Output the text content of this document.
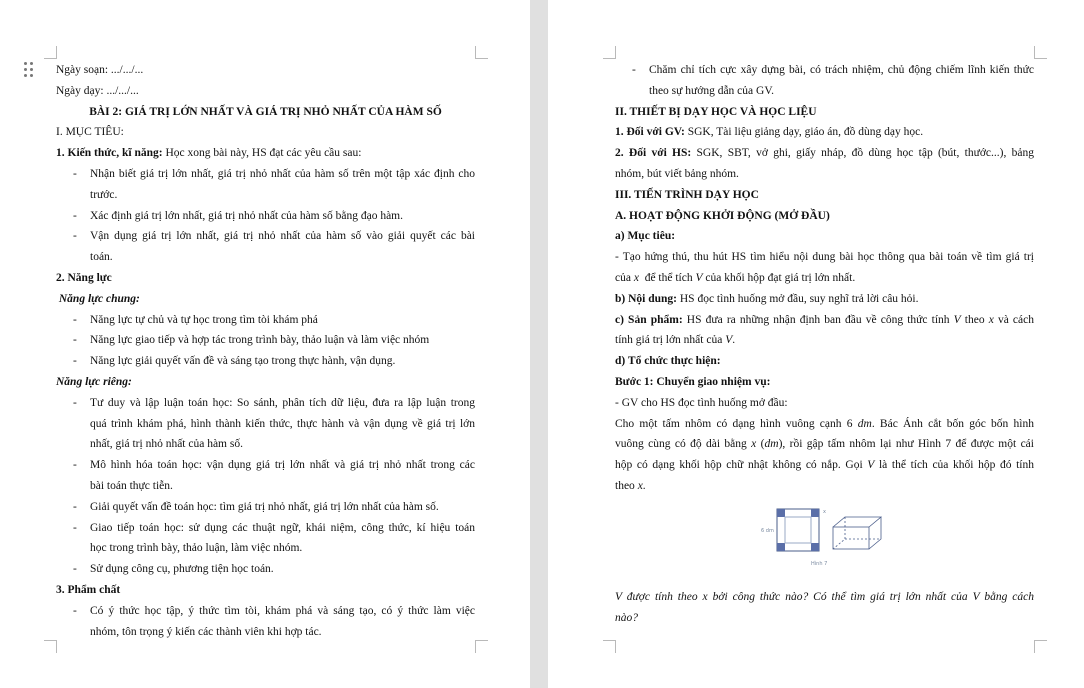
Ngày soạn: .../.../...

Ngày dạy: .../.../...

BÀI 2: GIÁ TRỊ LỚN NHẤT VÀ GIÁ TRỊ NHỎ NHẤT CỦA HÀM SỐ

I. MỤC TIÊU:

1. Kiến thức, kĩ năng: Học xong bài này, HS đạt các yêu cầu sau:

- Nhận biết giá trị lớn nhất, giá trị nhỏ nhất của hàm số trên một tập xác định cho

trước.

- Xác định giá trị lớn nhất, giá trị nhỏ nhất của hàm số bằng đạo hàm.

- Vận dụng giá trị lớn nhất, giá trị nhỏ nhất của hàm số vào giải quyết các bài

toán.

2. Năng lực

Năng lực chung:

- Năng lực tự chủ và tự học trong tìm tòi khám phá

- Năng lực giao tiếp và hợp tác trong trình bày, thảo luận và làm việc nhóm

- Năng lực giải quyết vấn đề và sáng tạo trong thực hành, vận dụng.

Năng lực riêng:

- Tư duy và lập luận toán học: So sánh, phân tích dữ liệu, đưa ra lập luận trong

quá trình khám phá, hình thành kiến thức, thực hành và vận dụng về giá trị lớn

nhất, giá trị nhỏ nhất của hàm số.

- Mô hình hóa toán học: vận dụng giá trị lớn nhất và giá trị nhỏ nhất trong các

bài toán thực tiễn.

- Giải quyết vấn đề toán học: tìm giá trị nhỏ nhất, giá trị lớn nhất của hàm số.

- Giao tiếp toán học: sử dụng các thuật ngữ, khái niệm, công thức, kí hiệu toán

học trong trình bày, thảo luận, làm việc nhóm.

- Sử dụng công cụ, phương tiện học toán.

3. Phẩm chất

- Có ý thức học tập, ý thức tìm tòi, khám phá và sáng tạo, có ý thức làm việc

nhóm, tôn trọng ý kiến các thành viên khi hợp tác.

- Chăm chỉ tích cực xây dựng bài, có trách nhiệm, chủ động chiếm lĩnh kiến thức

theo sự hướng dẫn của GV.

II. THIẾT BỊ DẠY HỌC VÀ HỌC LIỆU

1. Đối với GV: SGK, Tài liệu giảng dạy, giáo án, đồ dùng dạy học.

2. Đối với HS: SGK, SBT, vở ghi, giấy nháp, đồ dùng học tập (bút, thước...), bảng

nhóm, bút viết bảng nhóm.

III. TIẾN TRÌNH DẠY HỌC

A. HOẠT ĐỘNG KHỞI ĐỘNG (MỞ ĐẦU)

a) Mục tiêu:

- Tạo hứng thú, thu hút HS tìm hiểu nội dung bài học thông qua bài toán về tìm giá trị

của x  để thể tích V của khối hộp đạt giá trị lớn nhất.

b) Nội dung: HS đọc tình huống mở đầu, suy nghĩ trả lời câu hỏi.

c) Sản phẩm: HS đưa ra những nhận định ban đầu về công thức tính V theo x và cách

tính giá trị lớn nhất của V.

d) Tổ chức thực hiện:

Bước 1: Chuyển giao nhiệm vụ:

- GV cho HS đọc tình huống mở đầu:

Cho một tấm nhôm có dạng hình vuông cạnh 6 dm. Bác Ánh cắt bốn góc bốn hình

vuông cùng có độ dài bằng x (dm), rồi gập tấm nhôm lại như Hình 7 để được một cái

hộp có dạng khối hộp chữ nhật không có nắp. Gọi V là thể tích của khối hộp đó tính

theo x.

6 dm
x
Hình 7

V được tính theo x bởi công thức nào? Có thể tìm giá trị lớn nhất của V bằng cách

nào?
